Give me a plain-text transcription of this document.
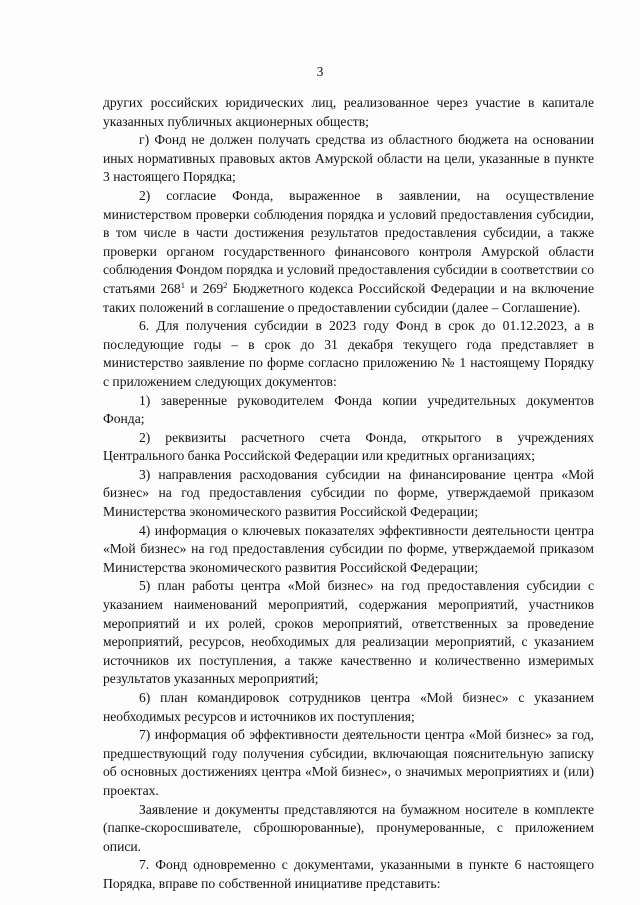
3

других российских юридических лиц, реализованное через участие в капитале указанных публичных акционерных обществ;

г) Фонд не должен получать средства из областного бюджета на основании иных нормативных правовых актов Амурской области на цели, указанные в пункте 3 настоящего Порядка;

2) согласие Фонда, выраженное в заявлении, на осуществление министерством проверки соблюдения порядка и условий предоставления субсидии, в том числе в части достижения результатов предоставления субсидии, а также проверки органом государственного финансового контроля Амурской области соблюдения Фондом порядка и условий предоставления субсидии в соответствии со статьями $268^1$ и $269^2$ Бюджетного кодекса Российской Федерации и на включение таких положений в соглашение о предоставлении субсидии (далее – Соглашение).

6. Для получения субсидии в 2023 году Фонд в срок до 01.12.2023, а в последующие годы – в срок до 31 декабря текущего года представляет в министерство заявление по форме согласно приложению № 1 настоящему Порядку с приложением следующих документов:

1) заверенные руководителем Фонда копии учредительных документов Фонда;

2) реквизиты расчетного счета Фонда, открытого в учреждениях Центрального банка Российской Федерации или кредитных организациях;

3) направления расходования субсидии на финансирование центра «Мой бизнес» на год предоставления субсидии по форме, утверждаемой приказом Министерства экономического развития Российской Федерации;

4) информация о ключевых показателях эффективности деятельности центра «Мой бизнес» на год предоставления субсидии по форме, утверждаемой приказом Министерства экономического развития Российской Федерации;

5) план работы центра «Мой бизнес» на год предоставления субсидии с указанием наименований мероприятий, содержания мероприятий, участников мероприятий и их ролей, сроков мероприятий, ответственных за проведение мероприятий, ресурсов, необходимых для реализации мероприятий, с указанием источников их поступления, а также качественно и количественно измеримых результатов указанных мероприятий;

6) план командировок сотрудников центра «Мой бизнес» с указанием необходимых ресурсов и источников их поступления;

7) информация об эффективности деятельности центра «Мой бизнес» за год, предшествующий году получения субсидии, включающая пояснительную записку об основных достижениях центра «Мой бизнес», о значимых мероприятиях и (или) проектах.

Заявление и документы представляются на бумажном носителе в комплекте (папке-скоросшивателе, сброшюрованные), пронумерованные, с приложением описи.

7. Фонд одновременно с документами, указанными в пункте 6 настоящего Порядка, вправе по собственной инициативе представить:
